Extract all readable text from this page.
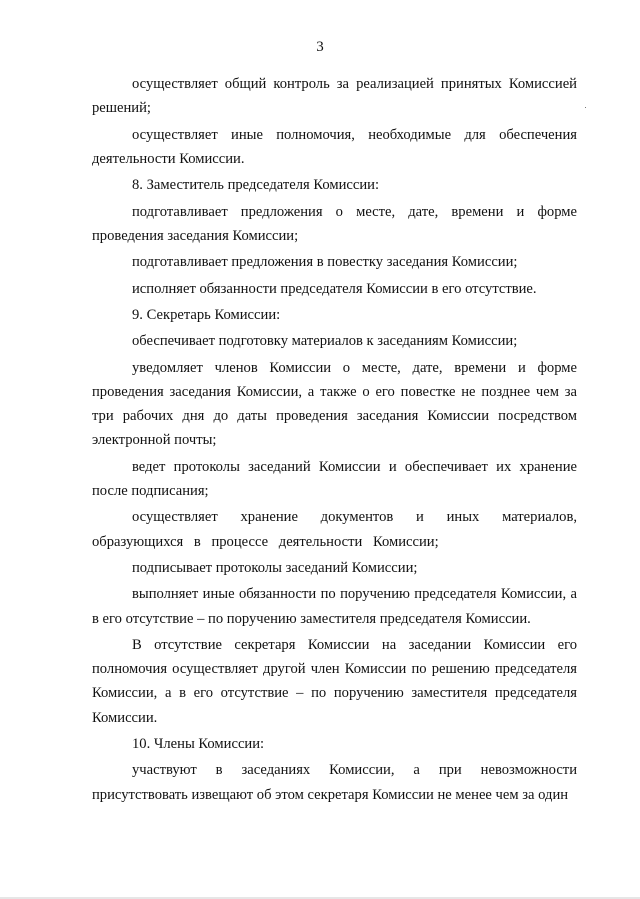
3

осуществляет общий контроль за реализацией принятых Комиссией решений;

осуществляет иные полномочия, необходимые для обеспечения деятельности Комиссии.

8. Заместитель председателя Комиссии:

подготавливает предложения о месте, дате, времени и форме проведения заседания Комиссии;

подготавливает предложения в повестку заседания Комиссии;

исполняет обязанности председателя Комиссии в его отсутствие.

9. Секретарь Комиссии:

обеспечивает подготовку материалов к заседаниям Комиссии;

уведомляет членов Комиссии о месте, дате, времени и форме проведения заседания Комиссии, а также о его повестке не позднее чем за три рабочих дня до даты проведения заседания Комиссии посредством электронной почты;

ведет протоколы заседаний Комиссии и обеспечивает их хранение после подписания;

осуществляет хранение документов и иных материалов, образующихся в процессе деятельности Комиссии;

подписывает протоколы заседаний Комиссии;

выполняет иные обязанности по поручению председателя Комиссии, а в его отсутствие – по поручению заместителя председателя Комиссии.

В отсутствие секретаря Комиссии на заседании Комиссии его полномочия осуществляет другой член Комиссии по решению председателя Комиссии, а в его отсутствие – по поручению заместителя председателя Комиссии.

10. Члены Комиссии:

участвуют в заседаниях Комиссии, а при невозможности присутствовать извещают об этом секретаря Комиссии не менее чем за один
